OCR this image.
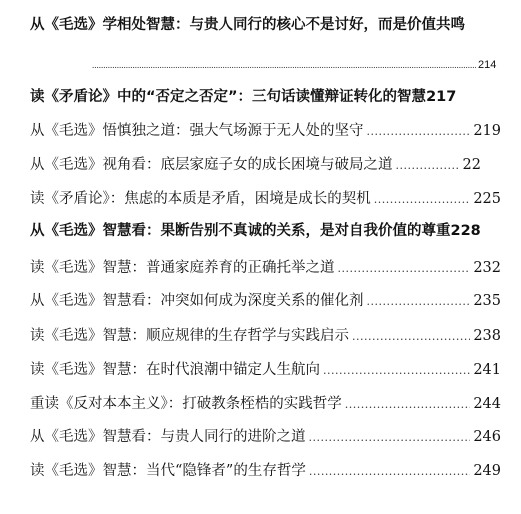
从《毛选》学相处智慧：与贵人同行的核心不是讨好，而是价值共鸣
.....
214
读《矛盾论》中的“否定之否定”：三句话读懂辩证转化的智慧 217
从《毛选》悟慎独之道：强大气场源于无人处的坚守 .....	219
从《毛选》视角看：底层家庭子女的成长困境与破局之道 .....	22
读《矛盾论》：焦虑的本质是矛盾，困境是成长的契机 .....	225
从《毛选》智慧看：果断告别不真诚的关系，是对自我价值的尊重 228
读《毛选》智慧：普通家庭养育的正确托举之道 .....	232
从《毛选》智慧看：冲突如何成为深度关系的催化剂 .....	235
读《毛选》智慧：顺应规律的生存哲学与实践启示 .....	238
读《毛选》智慧：在时代浪潮中锚定人生航向 .....	241
重读《反对本本主义》：打破教条桎梏的实践哲学 .....	244
从《毛选》智慧看：与贵人同行的进阶之道 .....	246
读《毛选》智慧：当代“隐锋者”的生存哲学 .....	249
